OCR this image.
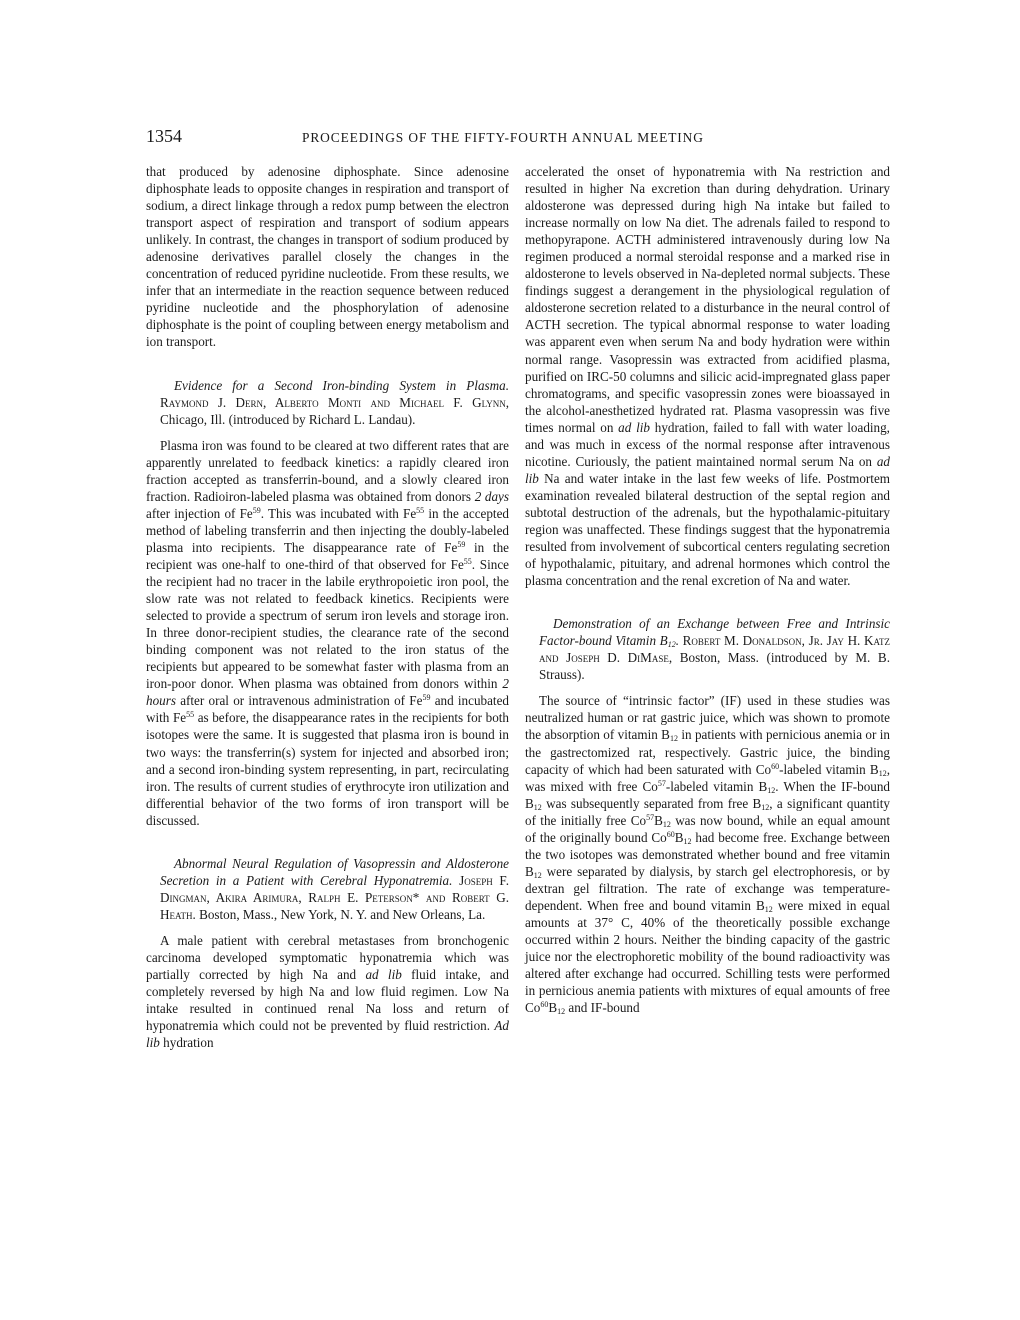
1354	PROCEEDINGS OF THE FIFTY-FOURTH ANNUAL MEETING

that produced by adenosine diphosphate. Since adenosine diphosphate leads to opposite changes in respiration and transport of sodium, a direct linkage through a redox pump between the electron transport aspect of respiration and transport of sodium appears unlikely. In contrast, the changes in transport of sodium produced by adenosine derivatives parallel closely the changes in the concentration of reduced pyridine nucleotide. From these results, we infer that an intermediate in the reaction sequence between reduced pyridine nucleotide and the phosphorylation of adenosine diphosphate is the point of coupling between energy metabolism and ion transport.

Evidence for a Second Iron-binding System in Plasma. Raymond J. Dern, Alberto Monti and Michael F. Glynn, Chicago, Ill. (introduced by Richard L. Landau).

Plasma iron was found to be cleared at two different rates that are apparently unrelated to feedback kinetics: a rapidly cleared iron fraction accepted as transferrin-bound, and a slowly cleared iron fraction. Radioiron-labeled plasma was obtained from donors 2 days after injection of Fe$^{59}$. This was incubated with Fe$^{55}$ in the accepted method of labeling transferrin and then injecting the doubly-labeled plasma into recipients. The disappearance rate of Fe$^{59}$ in the recipient was one-half to one-third of that observed for Fe$^{55}$. Since the recipient had no tracer in the labile erythropoietic iron pool, the slow rate was not related to feedback kinetics. Recipients were selected to provide a spectrum of serum iron levels and storage iron. In three donor-recipient studies, the clearance rate of the second binding component was not related to the iron status of the recipients but appeared to be somewhat faster with plasma from an iron-poor donor. When plasma was obtained from donors within 2 hours after oral or intravenous administration of Fe$^{59}$ and incubated with Fe$^{55}$ as before, the disappearance rates in the recipients for both isotopes were the same. It is suggested that plasma iron is bound in two ways: the transferrin(s) system for injected and absorbed iron; and a second iron-binding system representing, in part, recirculating iron. The results of current studies of erythrocyte iron utilization and differential behavior of the two forms of iron transport will be discussed.

Abnormal Neural Regulation of Vasopressin and Aldosterone Secretion in a Patient with Cerebral Hyponatremia. Joseph F. Dingman, Akira Arimura, Ralph E. Peterson* and Robert G. Heath. Boston, Mass., New York, N. Y. and New Orleans, La.

A male patient with cerebral metastases from bronchogenic carcinoma developed symptomatic hyponatremia which was partially corrected by high Na and ad lib fluid intake, and completely reversed by high Na and low fluid regimen. Low Na intake resulted in continued renal Na loss and return of hyponatremia which could not be prevented by fluid restriction. Ad lib hydration

accelerated the onset of hyponatremia with Na restriction and resulted in higher Na excretion than during dehydration. Urinary aldosterone was depressed during high Na intake but failed to increase normally on low Na diet. The adrenals failed to respond to methopyrapone. ACTH administered intravenously during low Na regimen produced a normal steroidal response and a marked rise in aldosterone to levels observed in Na-depleted normal subjects. These findings suggest a derangement in the physiological regulation of aldosterone secretion related to a disturbance in the neural control of ACTH secretion. The typical abnormal response to water loading was apparent even when serum Na and body hydration were within normal range. Vasopressin was extracted from acidified plasma, purified on IRC-50 columns and silicic acid-impregnated glass paper chromatograms, and specific vasopressin zones were bioassayed in the alcohol-anesthetized hydrated rat. Plasma vasopressin was five times normal on ad lib hydration, failed to fall with water loading, and was much in excess of the normal response after intravenous nicotine. Curiously, the patient maintained normal serum Na on ad lib Na and water intake in the last few weeks of life. Postmortem examination revealed bilateral destruction of the septal region and subtotal destruction of the adrenals, but the hypothalamic-pituitary region was unaffected. These findings suggest that the hyponatremia resulted from involvement of subcortical centers regulating secretion of hypothalamic, pituitary, and adrenal hormones which control the plasma concentration and the renal excretion of Na and water.

Demonstration of an Exchange between Free and Intrinsic Factor-bound Vitamin $B_{12}$. Robert M. Donaldson, Jr. Jay H. Katz and Joseph D. DiMase, Boston, Mass. (introduced by M. B. Strauss).

The source of “intrinsic factor” (IF) used in these studies was neutralized human or rat gastric juice, which was shown to promote the absorption of vitamin $B_{12}$ in patients with pernicious anemia or in the gastrectomized rat, respectively. Gastric juice, the binding capacity of which had been saturated with Co$^{60}$-labeled vitamin $B_{12}$, was mixed with free Co$^{57}$-labeled vitamin $B_{12}$. When the IF-bound $B_{12}$ was subsequently separated from free $B_{12}$, a significant quantity of the initially free $Co^{57}B_{12}$ was now bound, while an equal amount of the originally bound $Co^{60}B_{12}$ had become free. Exchange between the two isotopes was demonstrated whether bound and free vitamin $B_{12}$ were separated by dialysis, by starch gel electrophoresis, or by dextran gel filtration. The rate of exchange was temperature-dependent. When free and bound vitamin $B_{12}$ were mixed in equal amounts at 37° C, 40% of the theoretically possible exchange occurred within 2 hours. Neither the binding capacity of the gastric juice nor the electrophoretic mobility of the bound radioactivity was altered after exchange had occurred. Schilling tests were performed in pernicious anemia patients with mixtures of equal amounts of free $Co^{60}B_{12}$ and IF-bound
